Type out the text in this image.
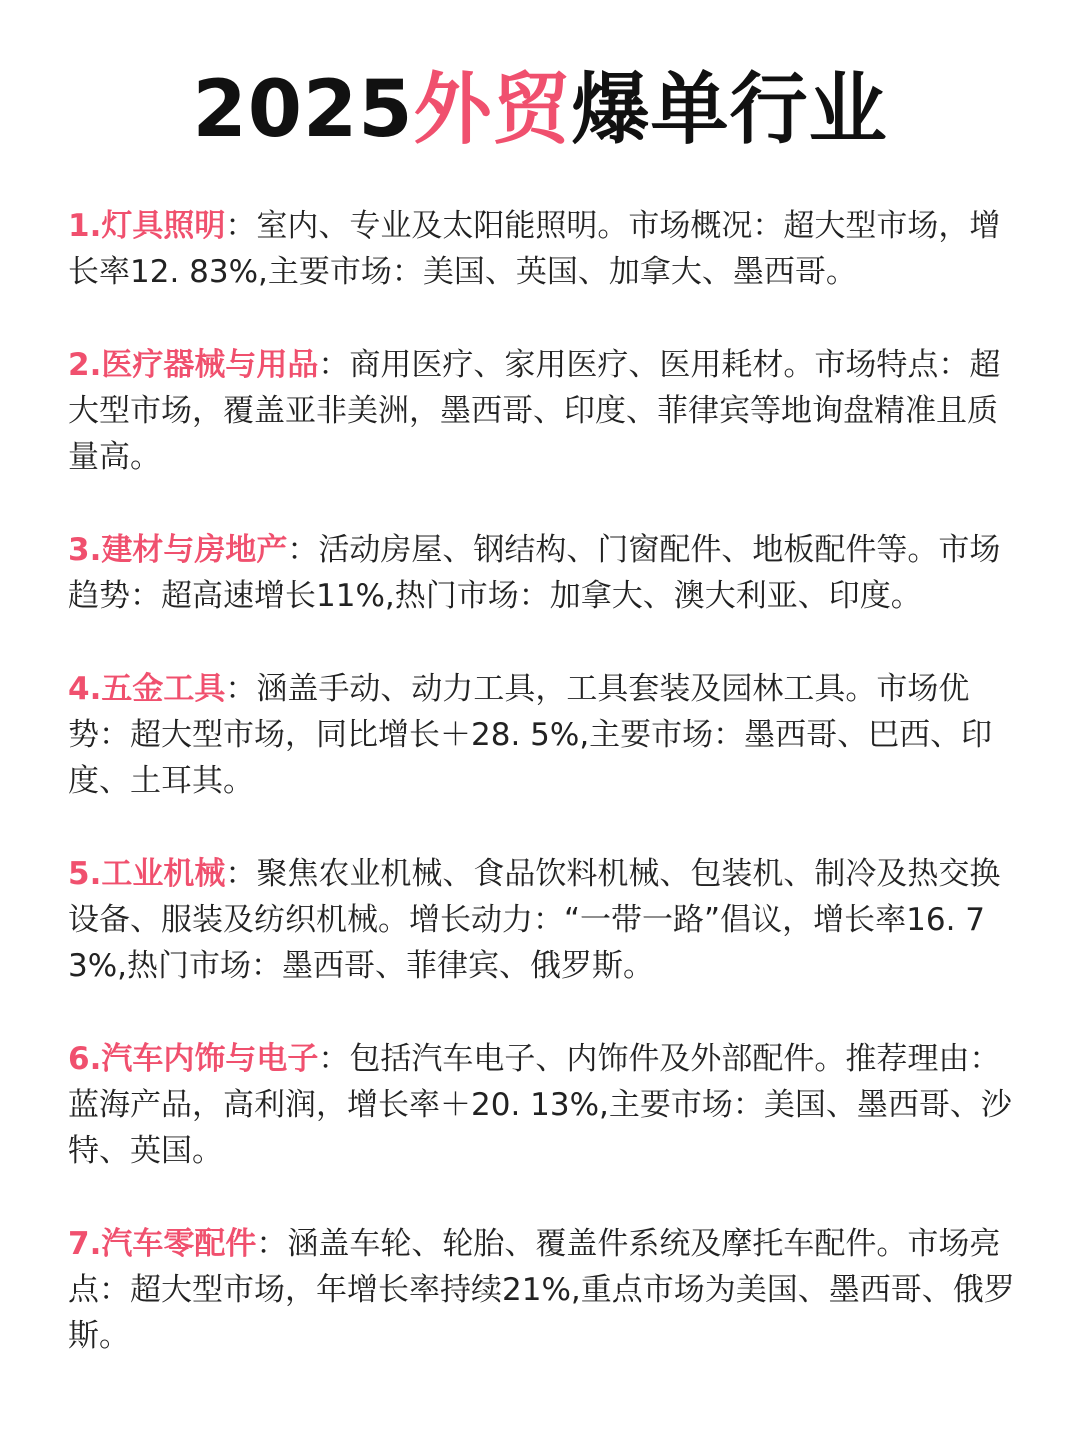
2025外贸爆单行业

1.灯具照明：室内、专业及太阳能照明。市场概况：超大型市场，增长率12. 83%,主要市场：美国、英国、加拿大、墨西哥。

2.医疗器械与用品：商用医疗、家用医疗、医用耗材。市场特点：超大型市场，覆盖亚非美洲，墨西哥、印度、菲律宾等地询盘精准且质量高。

3.建材与房地产：活动房屋、钢结构、门窗配件、地板配件等。市场趋势：超高速增长11%,热门市场：加拿大、澳大利亚、印度。

4.五金工具：涵盖手动、动力工具，工具套装及园林工具。市场优势：超大型市场，同比增长＋28. 5%,主要市场：墨西哥、巴西、印度、土耳其。

5.工业机械：聚焦农业机械、食品饮料机械、包装机、制冷及热交换设备、服装及纺织机械。增长动力：“一带一路”倡议，增长率16. 73%,热门市场：墨西哥、菲律宾、俄罗斯。

6.汽车内饰与电子：包括汽车电子、内饰件及外部配件。推荐理由：蓝海产品，高利润，增长率＋20. 13%,主要市场：美国、墨西哥、沙特、英国。

7.汽车零配件：涵盖车轮、轮胎、覆盖件系统及摩托车配件。市场亮点：超大型市场，年增长率持续21%,重点市场为美国、墨西哥、俄罗斯。
